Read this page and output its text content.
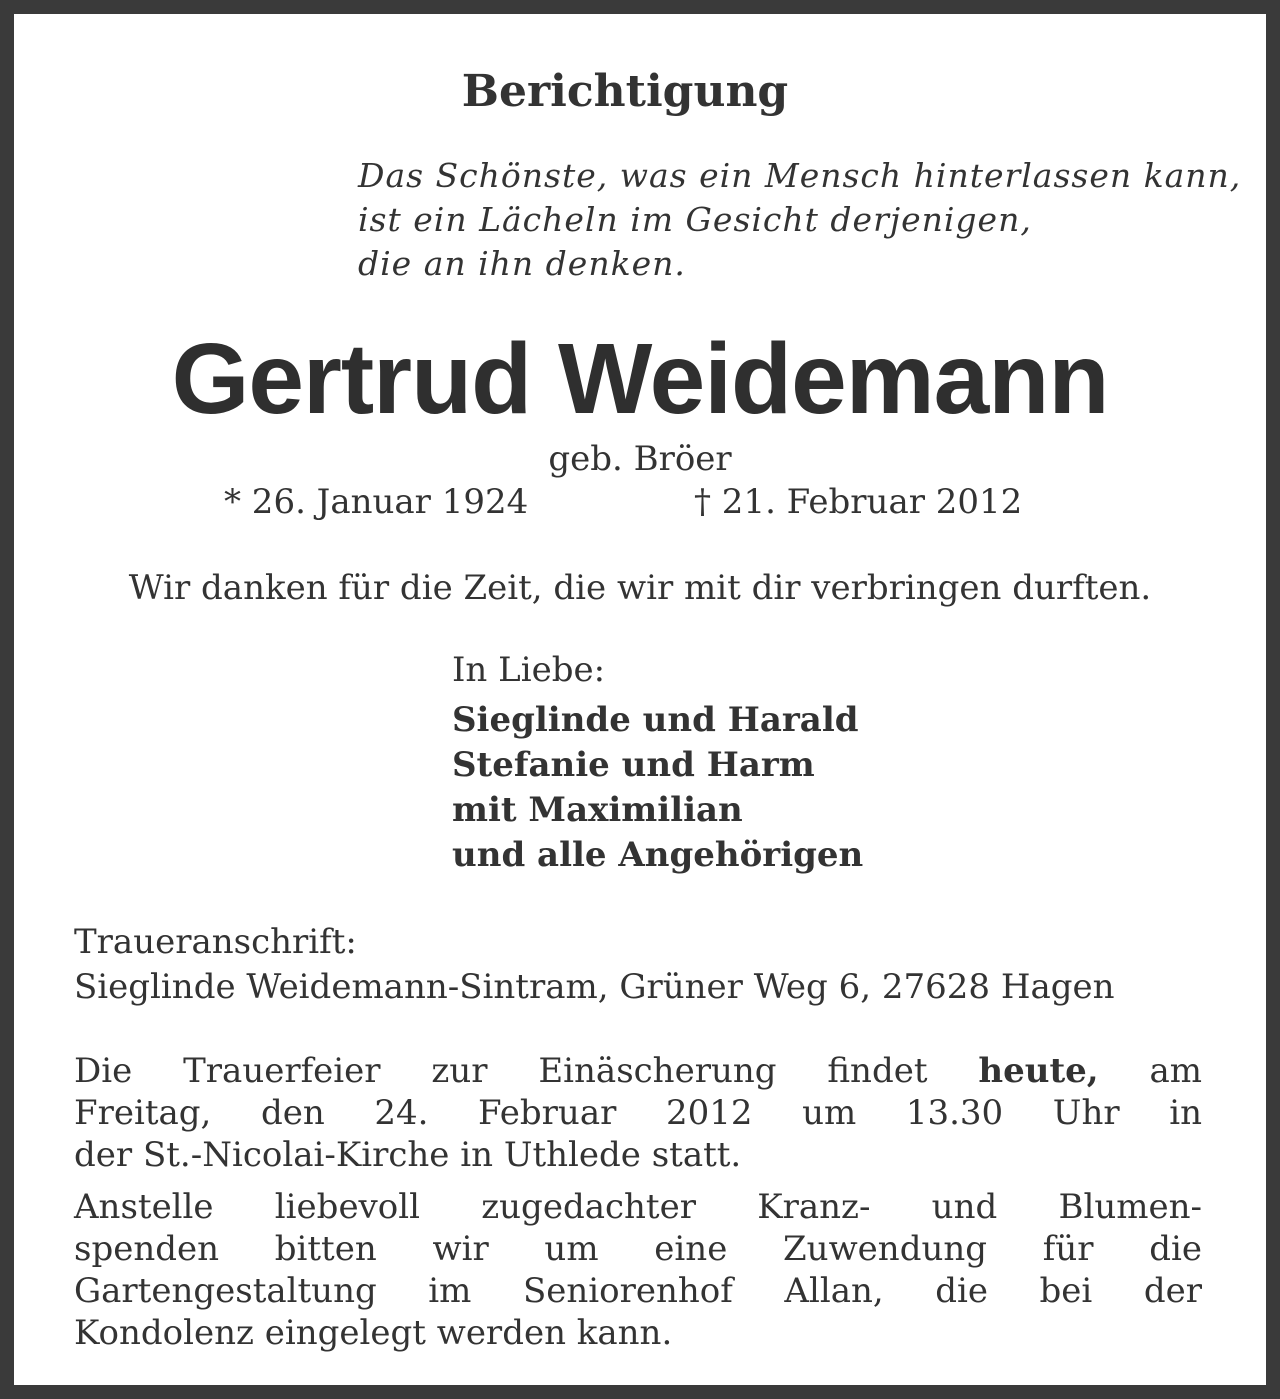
Berichtigung
Das Schönste, was ein Mensch hinterlassen kann,
ist ein Lächeln im Gesicht derjenigen,
die an ihn denken.
Gertrud Weidemann
geb. Bröer
* 26. Januar 1924	† 21. Februar 2012
Wir danken für die Zeit, die wir mit dir verbringen durften.
In Liebe:
Sieglinde und Harald
Stefanie und Harm
mit Maximilian
und alle Angehörigen
Traueranschrift:
Sieglinde Weidemann-Sintram, Grüner Weg 6, 27628 Hagen
Die Trauerfeier zur Einäscherung findet heute, am
Freitag, den 24. Februar 2012 um 13.30 Uhr in
der St.-Nicolai-Kirche in Uthlede statt.
Anstelle liebevoll zugedachter Kranz- und Blumen-
spenden bitten wir um eine Zuwendung für die
Gartengestaltung im Seniorenhof Allan, die bei der
Kondolenz eingelegt werden kann.
